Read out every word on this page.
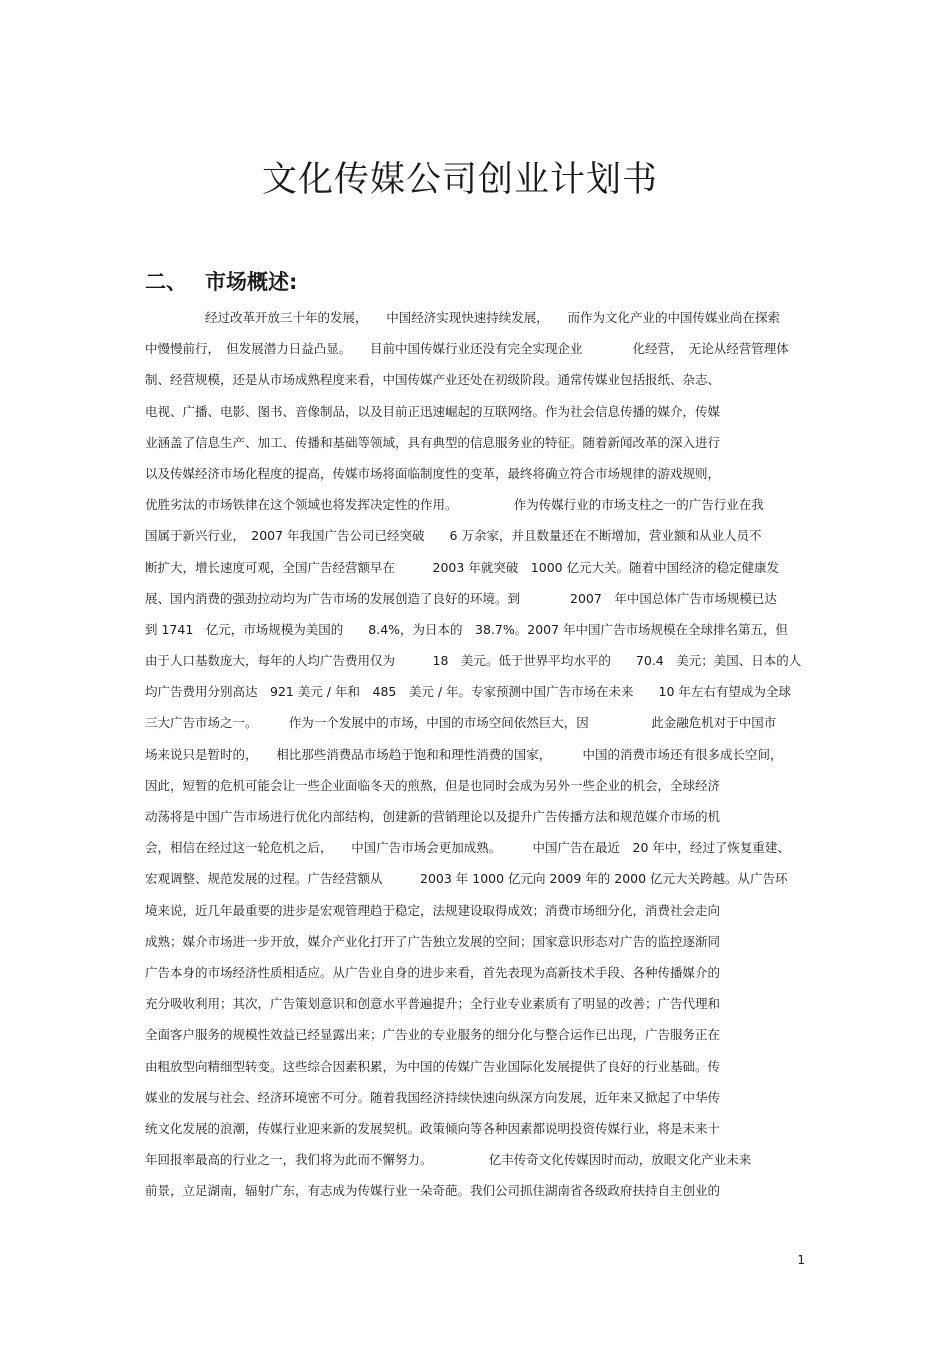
文化传媒公司创业计划书
二、 市场概述:
经过改革开放三十年的发展，　　中国经济实现快速持续发展，　　而作为文化产业的中国传媒业尚在探索
中慢慢前行，　但发展潜力日益凸显。　　目前中国传媒行业还没有完全实现企业　　　　化经营，　无论从经营管理体
制、经营规模，还是从市场成熟程度来看，中国传媒产业还处在初级阶段。通常传媒业包括报纸、杂志、
电视、广播、电影、图书、音像制品，以及目前正迅速崛起的互联网络。作为社会信息传播的媒介，传媒
业涵盖了信息生产、加工、传播和基础等领域，具有典型的信息服务业的特征。随着新闻改革的深入进行
以及传媒经济市场化程度的提高，传媒市场将面临制度性的变革，最终将确立符合市场规律的游戏规则，
优胜劣汰的市场铁律在这个领域也将发挥决定性的作用。　　　　　作为传媒行业的市场支柱之一的广告行业在我
国属于新兴行业，　2007 年我国广告公司已经突破　　6 万余家，并且数量还在不断增加，营业额和从业人员不
断扩大，增长速度可观，全国广告经营额早在　　　2003 年就突破　1000 亿元大关。随着中国经济的稳定健康发
展、国内消费的强劲拉动均为广告市场的发展创造了良好的环境。到　　　　2007　年中国总体广告市场规模已达
到 1741　亿元，市场规模为美国的　　8.4%，为日本的　38.7%。2007 年中国广告市场规模在全球排名第五，但
由于人口基数庞大，每年的人均广告费用仅为　　　18　美元。低于世界平均水平的　　70.4　美元；美国、日本的人
均广告费用分别高达　921 美元 / 年和　485　美元 / 年。专家预测中国广告市场在未来　　10 年左右有望成为全球
三大广告市场之一。　　　作为一个发展中的市场，中国的市场空间依然巨大，因　　　　　此金融危机对于中国市
场来说只是暂时的，　　相比那些消费品市场趋于饱和和理性消费的国家，　　　中国的消费市场还有很多成长空间，
因此，短暂的危机可能会让一些企业面临冬天的煎熬，但是也同时会成为另外一些企业的机会，全球经济
动荡将是中国广告市场进行优化内部结构，创建新的营销理论以及提升广告传播方法和规范媒介市场的机
会，相信在经过这一轮危机之后，　　中国广告市场会更加成熟。　　　中国广告在最近　20 年中，经过了恢复重建、
宏观调整、规范发展的过程。广告经营额从　　　2003 年 1000 亿元向 2009 年的 2000 亿元大关跨越。从广告环
境来说，近几年最重要的进步是宏观管理趋于稳定，法规建设取得成效；消费市场细分化，消费社会走向
成熟；媒介市场进一步开放，媒介产业化打开了广告独立发展的空间；国家意识形态对广告的监控逐渐同
广告本身的市场经济性质相适应。从广告业自身的进步来看，首先表现为高新技术手段、各种传播媒介的
充分吸收利用；其次，广告策划意识和创意水平普遍提升；全行业专业素质有了明显的改善；广告代理和
全面客户服务的规模性效益已经显露出来；广告业的专业服务的细分化与整合运作已出现，广告服务正在
由粗放型向精细型转变。这些综合因素积累，为中国的传媒广告业国际化发展提供了良好的行业基础。传
媒业的发展与社会、经济环境密不可分。随着我国经济持续快速向纵深方向发展，近年来又掀起了中华传
统文化发展的浪潮，传媒行业迎来新的发展契机。政策倾向等各种因素都说明投资传媒行业，将是未来十
年回报率最高的行业之一，我们将为此而不懈努力。　　　　　亿丰传奇文化传媒因时而动，放眼文化产业未来
前景，立足湖南，辐射广东，有志成为传媒行业一朵奇葩。我们公司抓住湖南省各级政府扶持自主创业的
1
